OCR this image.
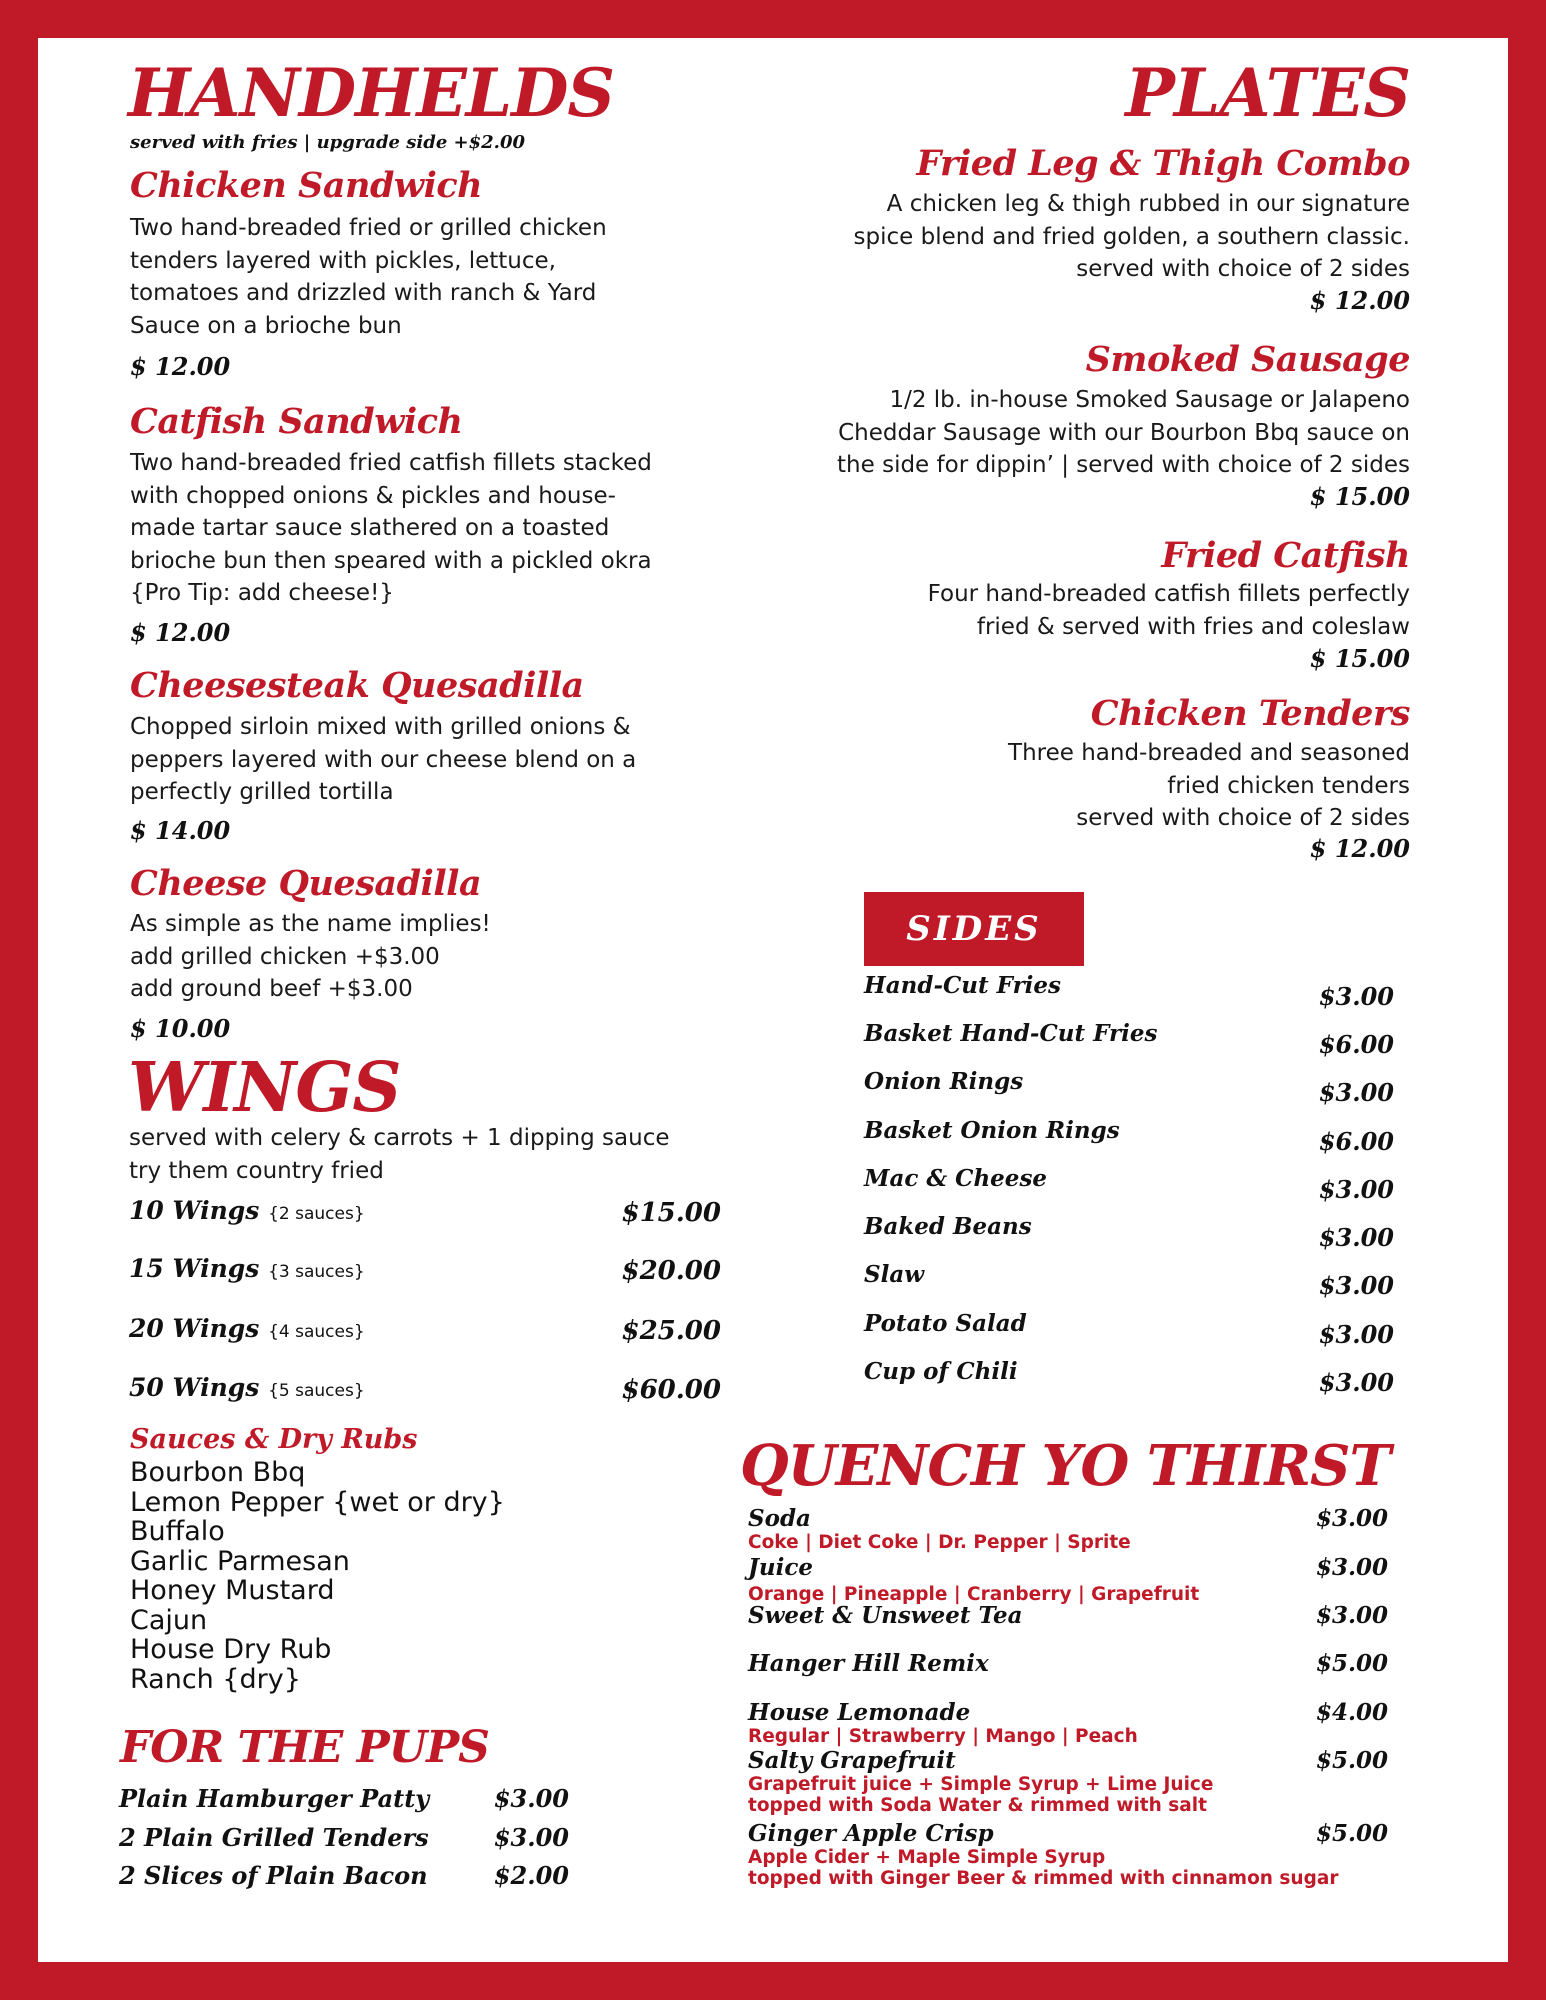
HANDHELDS
served with fries | upgrade side +$2.00
Chicken Sandwich
Two hand-breaded fried or grilled chicken
tenders layered with pickles, lettuce,
tomatoes and drizzled with ranch & Yard
Sauce on a brioche bun
$ 12.00
Catfish Sandwich
Two hand-breaded fried catfish fillets stacked
with chopped onions & pickles and house-
made tartar sauce slathered on a toasted
brioche bun then speared with a pickled okra
{Pro Tip: add cheese!}
$ 12.00
Cheesesteak Quesadilla
Chopped sirloin mixed with grilled onions &
peppers layered with our cheese blend on a
perfectly grilled tortilla
$ 14.00
Cheese Quesadilla
As simple as the name implies!
add grilled chicken +$3.00
add ground beef +$3.00
$ 10.00
WINGS
served with celery & carrots + 1 dipping sauce
try them country fried
10 Wings {2 sauces}	$15.00
15 Wings {3 sauces}	$20.00
20 Wings {4 sauces}	$25.00
50 Wings {5 sauces}	$60.00
Sauces & Dry Rubs
Bourbon Bbq
Lemon Pepper {wet or dry}
Buffalo
Garlic Parmesan
Honey Mustard
Cajun
House Dry Rub
Ranch {dry}
FOR THE PUPS
Plain Hamburger Patty	$3.00
2 Plain Grilled Tenders	$3.00
2 Slices of Plain Bacon	$2.00
PLATES
Fried Leg & Thigh Combo
A chicken leg & thigh rubbed in our signature
spice blend and fried golden, a southern classic.
served with choice of 2 sides
$ 12.00
Smoked Sausage
1/2 lb. in-house Smoked Sausage or Jalapeno
Cheddar Sausage with our Bourbon Bbq sauce on
the side for dippin’ | served with choice of 2 sides
$ 15.00
Fried Catfish
Four hand-breaded catfish fillets perfectly
fried & served with fries and coleslaw
$ 15.00
Chicken Tenders
Three hand-breaded and seasoned
fried chicken tenders
served with choice of 2 sides
$ 12.00
SIDES
Hand-Cut Fries	$3.00
Basket Hand-Cut Fries	$6.00
Onion Rings	$3.00
Basket Onion Rings	$6.00
Mac & Cheese	$3.00
Baked Beans	$3.00
Slaw	$3.00
Potato Salad	$3.00
Cup of Chili	$3.00
QUENCH YO THIRST
Soda	$3.00
Coke | Diet Coke | Dr. Pepper | Sprite
Juice	$3.00
Orange | Pineapple | Cranberry | Grapefruit
Sweet & Unsweet Tea	$3.00
Hanger Hill Remix	$5.00
House Lemonade	$4.00
Regular | Strawberry | Mango | Peach
Salty Grapefruit	$5.00
Grapefruit juice + Simple Syrup + Lime Juice
topped with Soda Water & rimmed with salt
Ginger Apple Crisp	$5.00
Apple Cider + Maple Simple Syrup
topped with Ginger Beer & rimmed with cinnamon sugar
